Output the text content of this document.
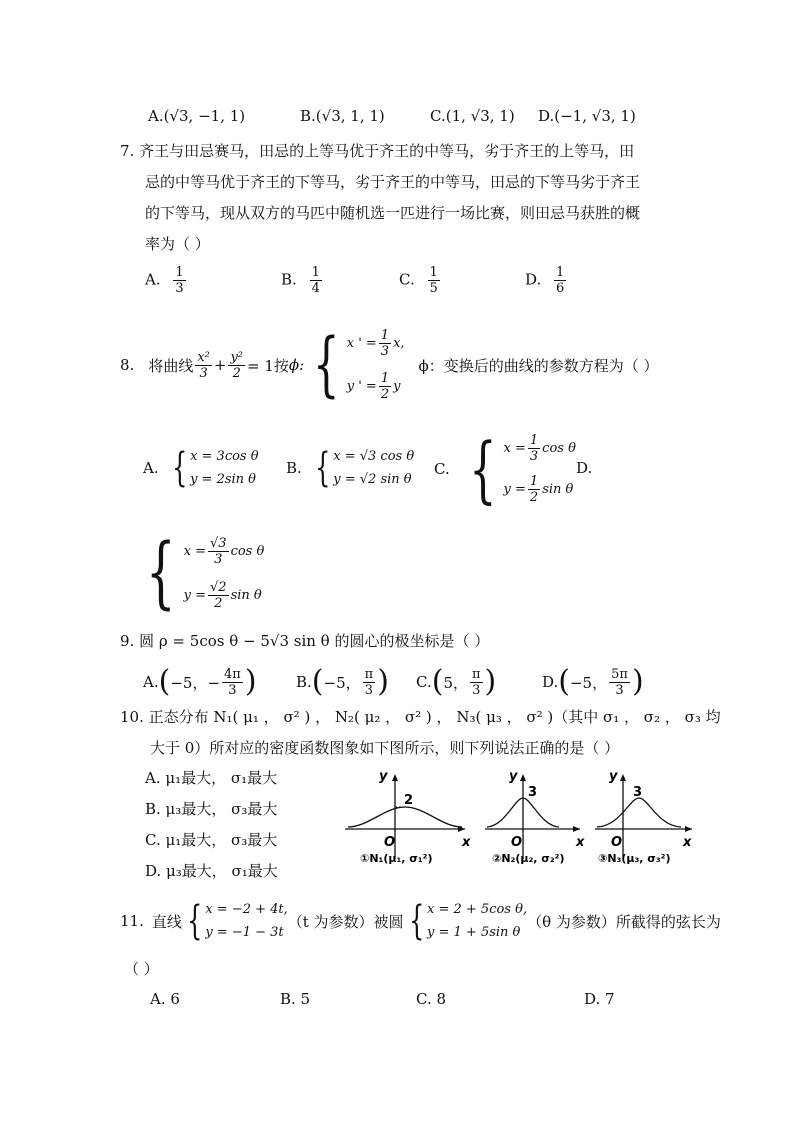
A.(√3, −1, 1)	B.(√3, 1, 1)	C.(1, √3, 1) D.(−1, √3, 1)
7. 齐王与田忌赛马，田忌的上等马优于齐王的中等马，劣于齐王的上等马，田
忌的中等马优于齐王的下等马，劣于齐王的中等马，田忌的下等马劣于齐王
的下等马，现从双方的马匹中随机选一匹进行一场比赛，则田忌马获胜的概
率为（ ）
A. $\frac{1}{3}$	B. $\frac{1}{4}$	C. $\frac{1}{5}$	D. $\frac{1}{6}$
8. 将曲线 $\frac{\text{x²}}{3} + \frac{\text{y²}}{2} = 1$按 ϕ: { x ' = $\frac{1}{3} x$,
y ' = $\frac{1}{2}$ y
ϕ：变换后的曲线的参数方程为（ ）
A. { x = 3cos θ
y = 2sin θ
B. { x = √3 cos θ
y = √2 sin θ
C. { $x = \frac{1}{3}$ cos θ
$y = \frac{1}{2}$ sin θ
D.
{ $x = \frac{√3}{3}$ cos θ
$y = \frac{√2}{2}$ sin θ
9. 圆 ρ = 5cos θ − 5√3 sin θ 的圆心的极坐标是（ ）
A. ( −5，− $\frac{4\pi}{3}$ )	B. ( −5， $\frac{\pi}{3}$ ) C. ( 5， $\frac{\pi}{3}$ )	D. ( −5， $\frac{5\pi}{3}$ )
10. 正态分布 N₁( μ₁ ， σ² ) ， N₂( μ₂ ， σ² ) ， N₃( μ₃ ， σ² )（其中 σ₁ ， σ₂ ， σ₃ 均
大于 0）所对应的密度函数图象如下图所示，则下列说法正确的是（ ）
A. μ₁最大， σ₁最大
B. μ₃最大， σ₃最大
C. μ₁最大， σ₃最大
D. μ₃最大， σ₁最大
y
2
O	x
①N₁(μ₁, σ₁²)
y
3
O	x
②N₂(μ₂, σ₂²)
y
3
O	x
③N₃(μ₃, σ₃²)
11. 直线 { x = −2 + 4t,
y = −1 − 3t
（t 为参数）被圆 { x = 2 + 5cos θ,
y = 1 + 5sin θ
（θ 为参数）所截得的弦长为
（ ）
A. 6	B. 5	C. 8	D. 7
